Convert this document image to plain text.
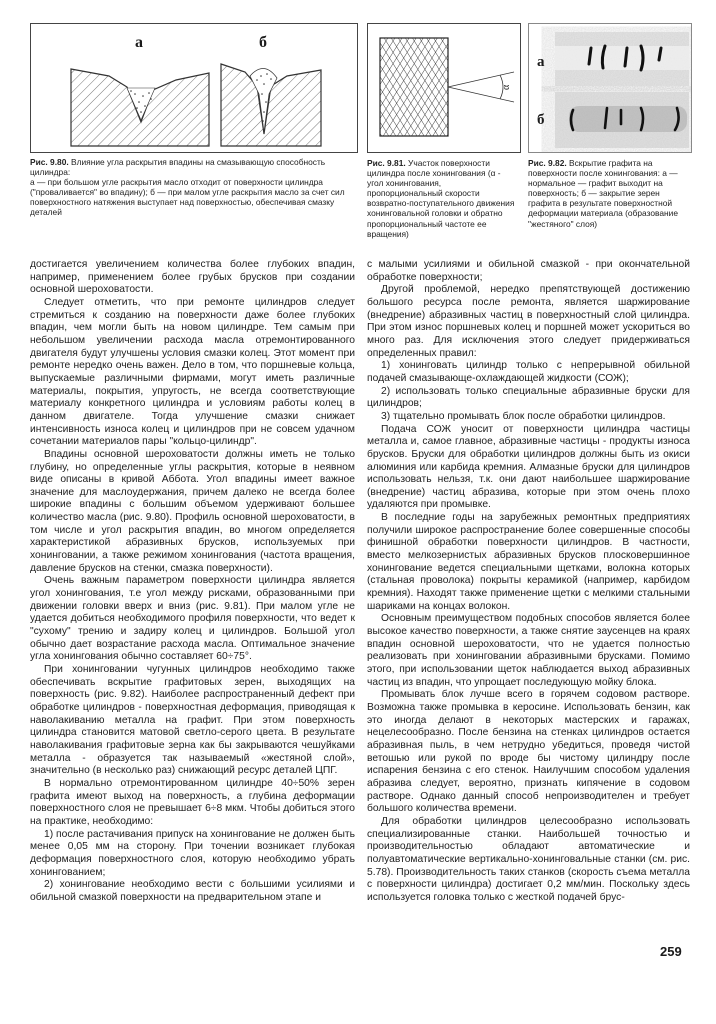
а	б
Рис. 9.80. Влияние угла раскрытия впадины на смазывающую способность цилиндра:
а — при большом угле раскрытия масло отходит от поверхности цилиндра ("проваливается" во впадину); б — при малом угле раскрытия масло за счет сил поверхностного натяжения выступает над поверхностью, обеспечивая смазку деталей
α
Рис. 9.81. Участок поверхности цилиндра после хонингования (α - угол хонингования, пропорциональный скорости возвратно-поступательного движения хонинговальной головки и обратно пропорциональный частоте ее вращения)
а
б
Рис. 9.82. Вскрытие графита на поверхности после хонингования: а — нормальное — графит выходит на поверхность; б — закрытие зерен графита в результате поверхностной деформации материала (образование "жестяного" слоя)

достигается увеличением количества более глубоких впадин, например, применением более грубых брусков при создании основной шероховатости.

Следует отметить, что при ремонте цилиндров следует стремиться к созданию на поверхности даже более глубоких впадин, чем могли быть на новом цилиндре. Тем самым при небольшом увеличении расхода масла отремонтированного двигателя будут улучшены условия смазки колец. Этот момент при ремонте нередко очень важен. Дело в том, что поршневые кольца, выпускаемые различными фирмами, могут иметь различные материалы, покрытия, упругость, не всегда соответствующие материалу конкретного цилиндра и условиям работы колец в данном двигателе. Тогда улучшение смазки снижает интенсивность износа колец и цилиндров при не совсем удачном сочетании материалов пары "кольцо-цилиндр".

Впадины основной шероховатости должны иметь не только глубину, но определенные углы раскрытия, которые в неявном виде описаны в кривой Аббота. Угол впадины имеет важное значение для маслоудержания, причем далеко не всегда более широкие впадины с большим объемом удерживают большее количество масла (рис. 9.80). Профиль основной шероховатости, в том числе и угол раскрытия впадин, во многом определяется характеристикой абразивных брусков, используемых при хонинговании, а также режимом хонингования (частота вращения, давление брусков на стенки, смазка поверхности).

Очень важным параметром поверхности цилиндра является угол хонингования, т.е угол между рисками, образованными при движении головки вверх и вниз (рис. 9.81). При малом угле не удается добиться необходимого профиля поверхности, что ведет к "сухому" трению и задиру колец и цилиндров. Большой угол обычно дает возрастание расхода масла. Оптимальное значение угла хонингования обычно составляет 60÷75°.

При хонинговании чугунных цилиндров необходимо также обеспечивать вскрытие графитовых зерен, выходящих на поверхность (рис. 9.82). Наиболее распространенный дефект при обработке цилиндров - поверхностная деформация, приводящая к наволакиванию металла на графит. При этом поверхность цилиндра становится матовой светло-серого цвета. В результате наволакивания графитовые зерна как бы закрываются чешуйками металла - образуется так называемый «жестяной слой», значительно (в несколько раз) снижающий ресурс деталей ЦПГ.

В нормально отремонтированном цилиндре 40÷50% зерен графита имеют выход на поверхность, а глубина деформации поверхностного слоя не превышает 6÷8 мкм. Чтобы добиться этого на практике, необходимо:

1) после растачивания припуск на хонингование не должен быть менее 0,05 мм на сторону. При точении возникает глубокая деформация поверхностного слоя, которую необходимо убрать хонингованием;

2) хонингование необходимо вести с большими усилиями и обильной смазкой поверхности на предварительном этапе и

с малыми усилиями и обильной смазкой - при окончательной обработке поверхности;

Другой проблемой, нередко препятствующей достижению большого ресурса после ремонта, является шаржирование (внедрение) абразивных частиц в поверхностный слой цилиндра. При этом износ поршневых колец и поршней может ускориться во много раз. Для исключения этого следует придерживаться определенных правил:

1) хонинговать цилиндр только с непрерывной обильной подачей смазывающе-охлаждающей жидкости (СОЖ);

2) использовать только специальные абразивные бруски для цилиндров;

3) тщательно промывать блок после обработки цилиндров.

Подача СОЖ уносит от поверхности цилиндра частицы металла и, самое главное, абразивные частицы - продукты износа брусков. Бруски для обработки цилиндров должны быть из окиси алюминия или карбида кремния. Алмазные бруски для цилиндров использовать нельзя, т.к. они дают наибольшее шаржирование (внедрение) частиц абразива, которые при этом очень плохо удаляются при промывке.

В последние годы на зарубежных ремонтных предприятиях получили широкое распространение более совершенные способы финишной обработки поверхности цилиндров. В частности, вместо мелкозернистых абразивных брусков плосковершинное хонингование ведется специальными щетками, волокна которых (стальная проволока) покрыты керамикой (например, карбидом кремния). Находят также применение щетки с мелкими стальными шариками на концах волокон.

Основным преимуществом подобных способов является более высокое качество поверхности, а также снятие заусенцев на краях впадин основной шероховатости, что не удается полностью реализовать при хонинговании абразивными брусками. Помимо этого, при использовании щеток наблюдается выход абразивных частиц из впадин, что упрощает последующую мойку блока.

Промывать блок лучше всего в горячем содовом растворе. Возможна также промывка в керосине. Использовать бензин, как это иногда делают в некоторых мастерских и гаражах, нецелесообразно. После бензина на стенках цилиндров остается абразивная пыль, в чем нетрудно убедиться, проведя чистой ветошью или рукой по вроде бы чистому цилиндру после испарения бензина с его стенок. Наилучшим способом удаления абразива следует, вероятно, признать кипячение в содовом растворе. Однако данный способ непроизводителен и требует большого количества времени.

Для обработки цилиндров целесообразно использовать специализированные станки. Наибольшей точностью и производительностью обладают автоматические и полуавтоматические вертикально-хонинговальные станки (см. рис. 5.78). Производительность таких станков (скорость съема металла с поверхности цилиндра) достигает 0,2 мм/мин. Поскольку здесь используется головка только с жесткой подачей брус-

259
